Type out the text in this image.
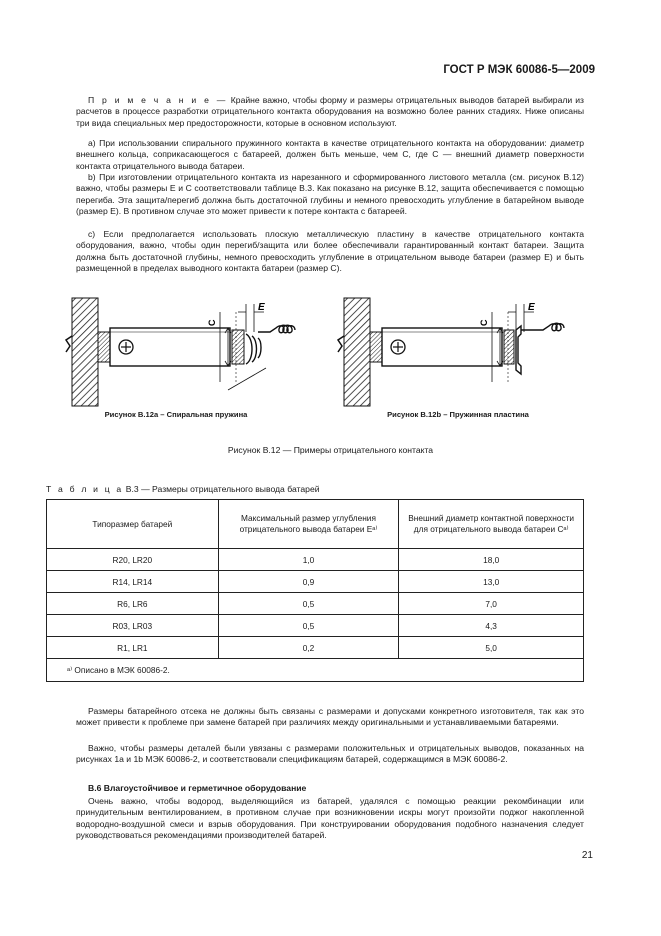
ГОСТ Р МЭК 60086-5—2009

П р и м е ч а н и е — Крайне важно, чтобы форму и размеры отрицательных выводов батарей выбирали из расчетов в процессе разработки отрицательного контакта оборудования на возможно более ранних стадиях. Ниже описаны три вида специальных мер предосторожности, которые в основном используют.

а) При использовании спирального пружинного контакта в качестве отрицательного контакта на оборудовании: диаметр внешнего кольца, соприкасающегося с батареей, должен быть меньше, чем С, где С — внешний диаметр поверхности контакта отрицательного вывода батареи.

b) При изготовлении отрицательного контакта из нарезанного и сформированного листового металла (см. рисунок В.12) важно, чтобы размеры Е и С соответствовали таблице В.3. Как показано на рисунке В.12, защита обеспечивается с помощью перегиба. Эта защита/перегиб должна быть достаточной глубины и немного превосходить углубление в батарейном выводе (размер Е). В противном случае это может привести к потере контакта с батареей.

с) Если предполагается использовать плоскую металлическую пластину в качестве отрицательного контакта оборудования, важно, чтобы один перегиб/защита или более обеспечивали гарантированный контакт батареи. Защита должна быть достаточной глубины, немного превосходить углубление в отрицательном выводе батареи (размер Е) и быть размещенной в пределах выводного контакта батареи (размер С).

C
E
Рисунок В.12a – Спиральная пружина
C
E
Рисунок В.12b – Пружинная пластина
Рисунок В.12 — Примеры отрицательного контакта
Т а б л и ц а В.3 — Размеры отрицательного вывода батарей
Типоразмер батарей	Максимальный размер углубления отрицательного вывода батареи Еᵃ⁾	Внешний диаметр контактной поверхности для отрицательного вывода батареи Сᵃ⁾
R20, LR20	1,0	18,0
R14, LR14	0,9	13,0
R6, LR6	0,5	7,0
R03, LR03	0,5	4,3
R1, LR1	0,2	5,0
ᵃ⁾ Описано в МЭК 60086-2.		

Размеры батарейного отсека не должны быть связаны с размерами и допусками конкретного изготовителя, так как это может привести к проблеме при замене батарей при различиях между оригинальными и устанавливаемыми батареями.

Важно, чтобы размеры деталей были увязаны с размерами положительных и отрицательных выводов, показанных на рисунках 1а и 1b МЭК 60086-2, и соответствовали спецификациям батарей, содержащимся в МЭК 60086-2.

В.6 Влагоустойчивое и герметичное оборудование

Очень важно, чтобы водород, выделяющийся из батарей, удалялся с помощью реакции рекомбинации или принудительным вентилированием, в противном случае при возникновении искры могут произойти поджог накопленной водородно-воздушной смеси и взрыв оборудования. При конструировании оборудования подобного назначения следует руководствоваться рекомендациями производителей батарей.

21
